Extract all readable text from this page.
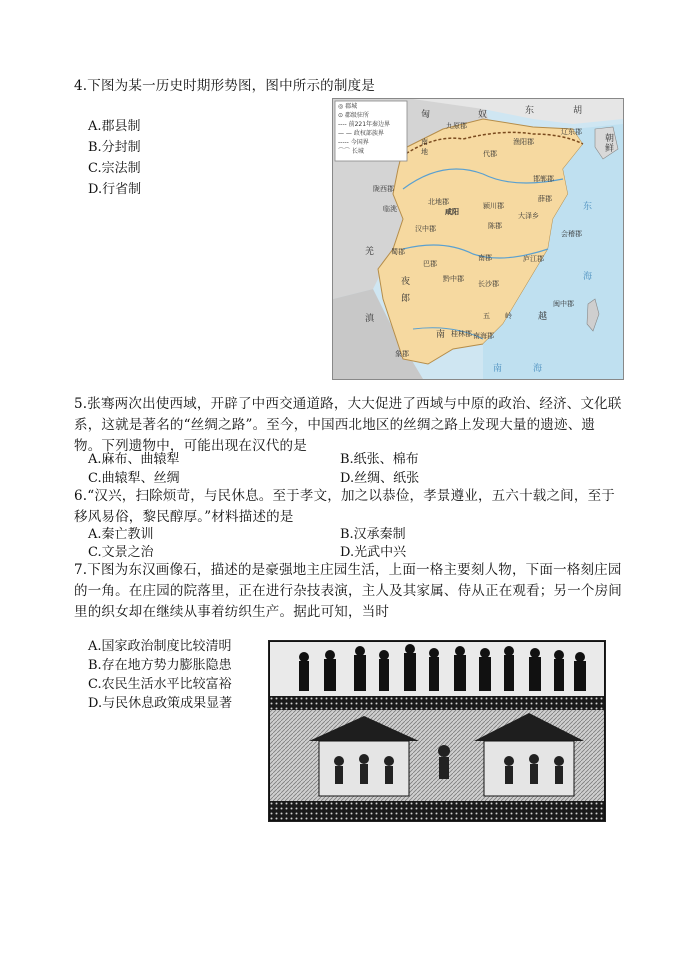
4.下图为某一历史时期形势图，图中所示的制度是
A.郡县制
B.分封制
C.宗法制
D.行省制
◎ 郡城
⊙ 郡级驻所
---- 前221年秦边界
— — 政权部族界
----- 今国界
⌒⌒ 长城
匈	奴	东	胡
朝
鲜
九原郡
南
地
渔阳郡
辽东郡
代郡
陇西郡
邯郸郡
北地郡
咸阳
颍川郡
临洮
薛郡
汉中郡
大泽乡
陈郡
会稽郡
羌 蜀郡
巴郡
南郡
黔中郡
长沙郡
庐江郡
闽中郡
夜
郎
滇
桂林郡 南海郡
象郡
五 岭	越
南
东
海
南	海
5.张骞两次出使西域，开辟了中西交通道路，大大促进了西域与中原的政治、经济、文化联系，这就是著名的“丝绸之路”。至今，中国西北地区的丝绸之路上发现大量的遗迹、遗物。下列遗物中，可能出现在汉代的是
A.麻布、曲辕犁	B.纸张、棉布
C.曲辕犁、丝绸	D.丝绸、纸张
6.“汉兴，扫除烦苛，与民休息。至于孝文，加之以恭俭，孝景遵业，五六十载之间，至于移风易俗，黎民醇厚。”材料描述的是
A.秦亡教训	B.汉承秦制
C.文景之治	D.光武中兴
7.下图为东汉画像石，描述的是豪强地主庄园生活，上面一格主要刻人物，下面一格刻庄园的一角。在庄园的院落里，正在进行杂技表演，主人及其家属、侍从正在观看；另一个房间里的织女却在继续从事着纺织生产。据此可知，当时
A.国家政治制度比较清明
B.存在地方势力膨胀隐患
C.农民生活水平比较富裕
D.与民休息政策成果显著
